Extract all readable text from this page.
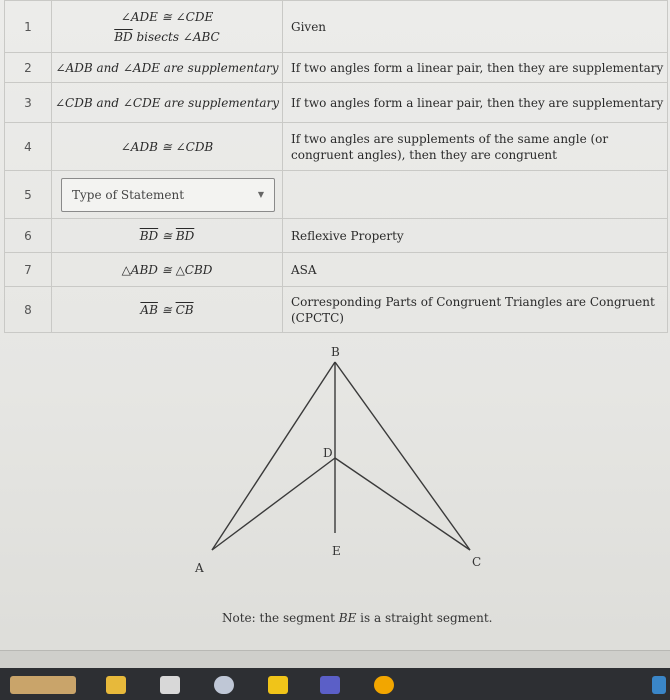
1	∠ADE ≅ ∠CDE
$\overline{BD}$ bisects ∠ABC	Given
2	∠ADB and ∠ADE are supplementary	If two angles form a linear pair, then they are supplementary
3	∠CDB and ∠CDE are supplementary	If two angles form a linear pair, then they are supplementary
4	∠ADB ≅ ∠CDB	If two angles are supplements of the same angle (or congruent angles), then they are congruent
5	Type of Statement ▼	

6	$\overline{BD}$ ≅ $\overline{BD}$	Reflexive Property
7	△ABD ≅ △CBD	ASA
8	$\overline{AB}$ ≅ $\overline{CB}$	Corresponding Parts of Congruent Triangles are Congruent (CPCTC)
B
D
E
A	C
Note: the segment BE is a straight segment.
